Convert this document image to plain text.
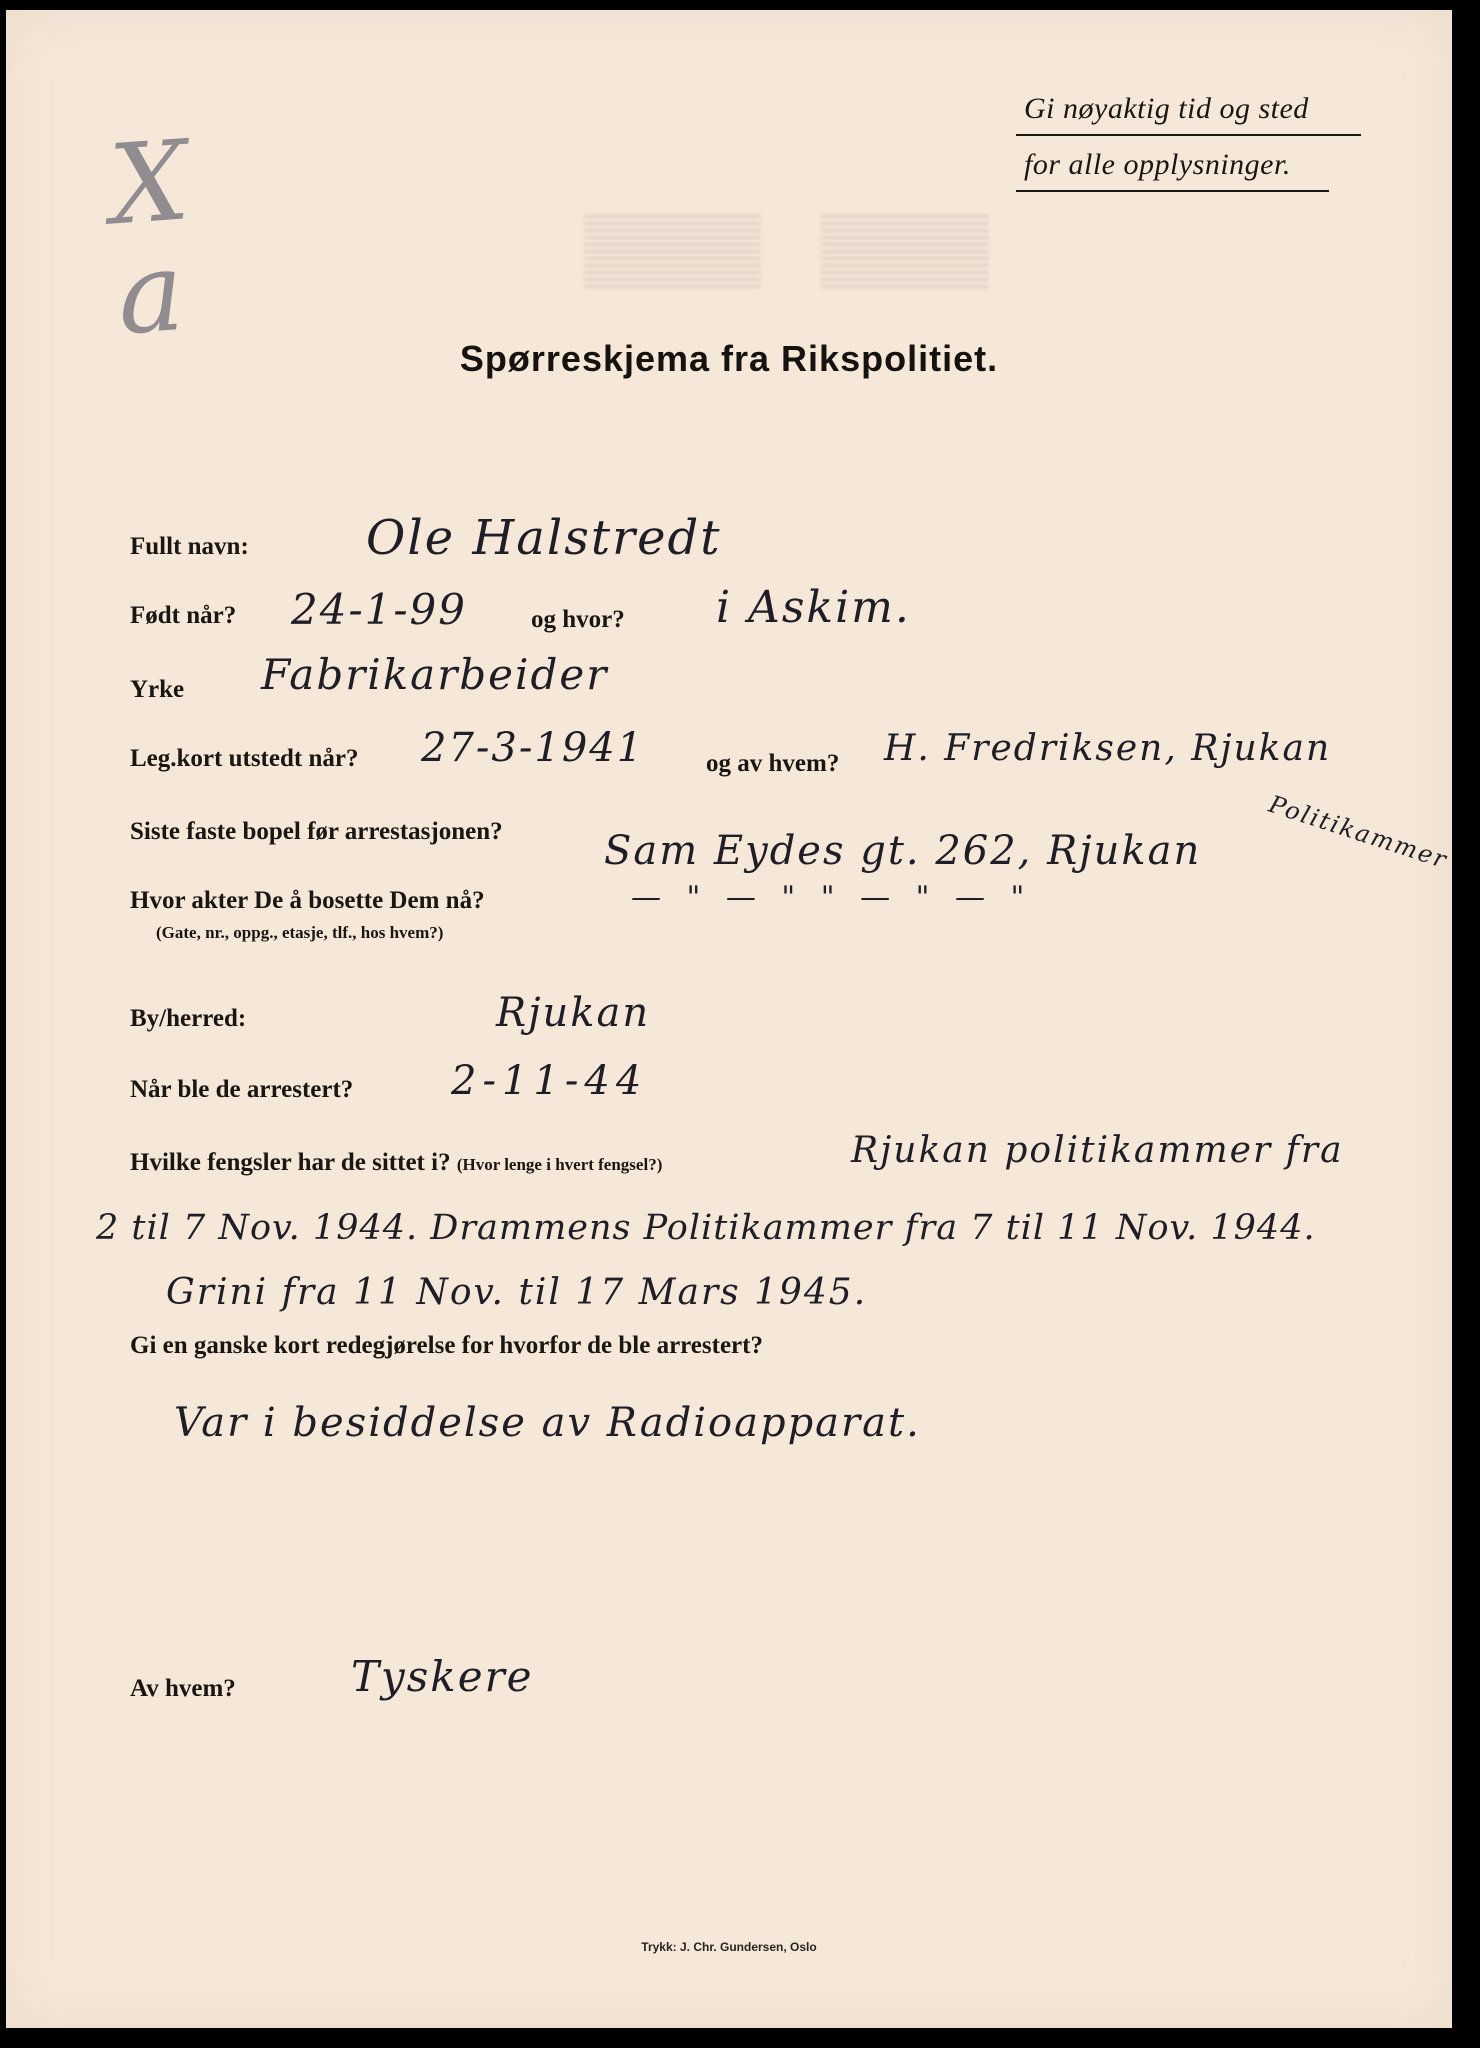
X a
Gi nøyaktig tid og sted
for alle opplysninger.
Spørreskjema fra Rikspolitiet.
Fullt navn: Ole Halstredt
Født når? 24-1-99	og hvor? i Askim.
Yrke Fabrikarbeider
Leg.kort utstedt når? 27-3-1941 og av hvem? H. Fredriksen, Rjukan
Politikammer
Siste faste bopel før arrestasjonen?	Sam Eydes gt. 262, Rjukan
Hvor akter De å bosette Dem nå?
(Gate, nr., oppg., etasje, tlf., hos hvem?)
— " — " " — " — "
By/herred:	Rjukan
Når ble de arrestert? 2-11-44
Hvilke fengsler har de sittet i? (Hvor lenge i hvert fengsel?)	Rjukan politikammer fra
2 til 7 Nov. 1944. Drammens Politikammer fra 7 til 11 Nov. 1944.
Grini fra 11 Nov. til 17 Mars 1945.
Gi en ganske kort redegjørelse for hvorfor de ble arrestert?
Var i besiddelse av Radioapparat.
Av hvem?	Tyskere
Trykk: J. Chr. Gundersen, Oslo
